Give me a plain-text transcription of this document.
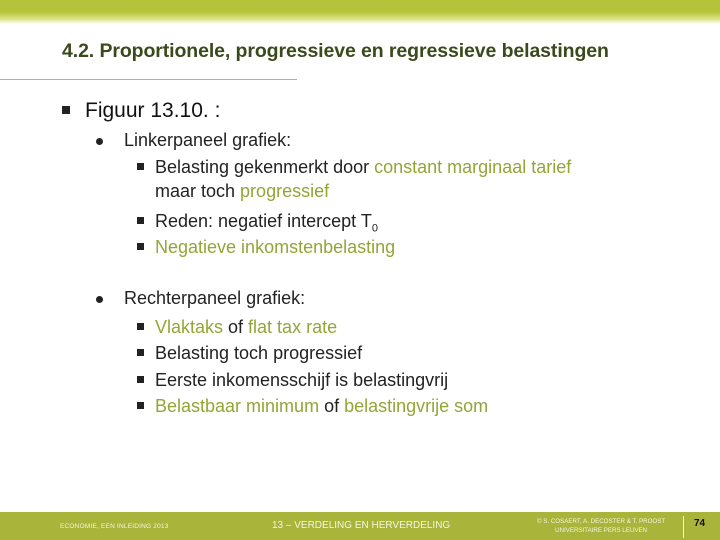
4.2. Proportionele, progressieve en regressieve belastingen
Figuur 13.10. :
Linkerpaneel grafiek:
Belasting gekenmerkt door constant marginaal tarief
maar toch progressief
Reden: negatief intercept $T_0$
Negatieve inkomstenbelasting
Rechterpaneel grafiek:
Vlaktaks of flat tax rate
Belasting toch progressief
Eerste inkomensschijf is belastingvrij
Belastbaar minimum of belastingvrije som
ECONOMIE, EEN INLEIDING 2013	13 – VERDELING EN HERVERDELING	© S. COSAERT, A. DECOSTER & T. PROOST
UNIVERSITAIRE PERS LEUVEN
74
